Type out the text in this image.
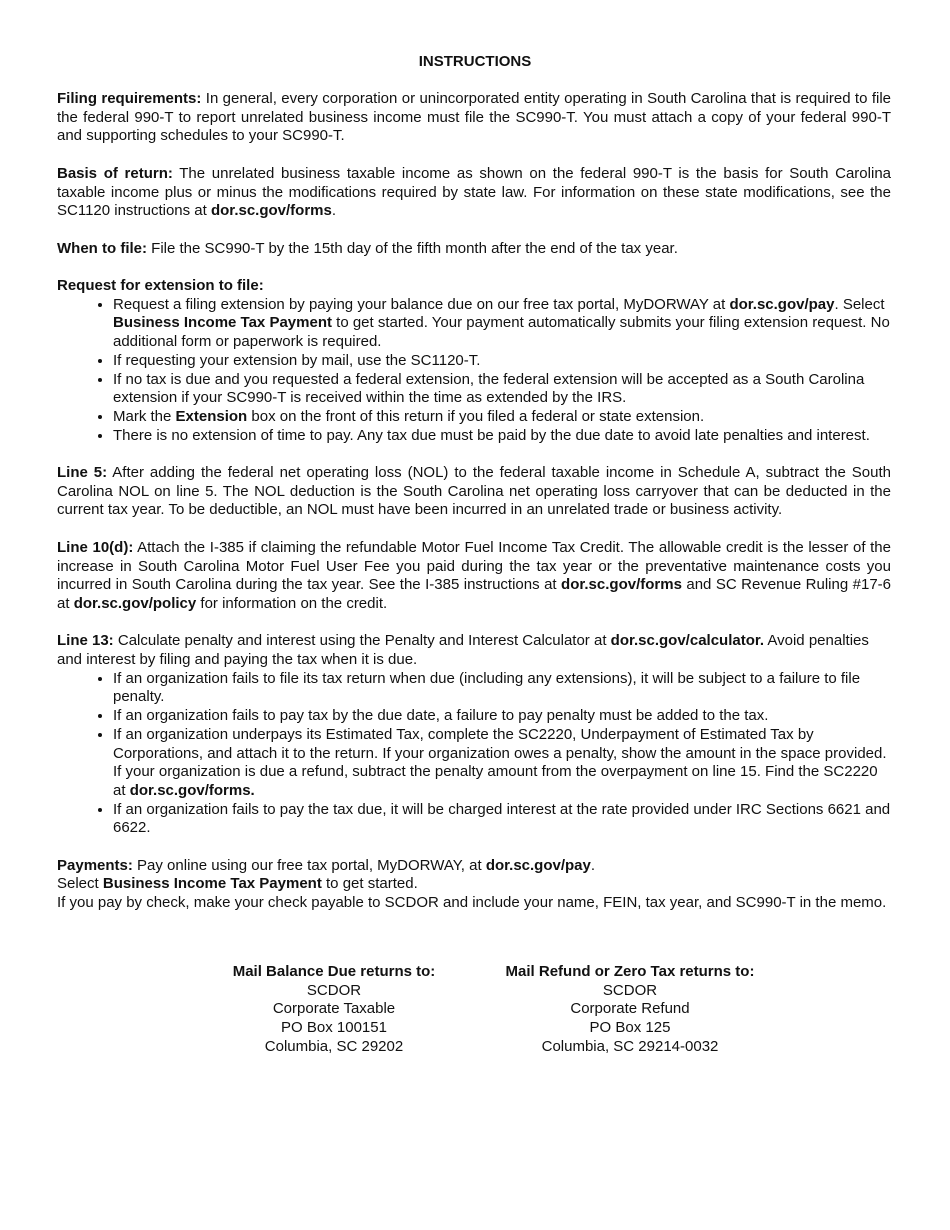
INSTRUCTIONS

Filing requirements: In general, every corporation or unincorporated entity operating in South Carolina that is required to file the federal 990-T to report unrelated business income must file the SC990-T. You must attach a copy of your federal 990-T and supporting schedules to your SC990-T.

Basis of return: The unrelated business taxable income as shown on the federal 990-T is the basis for South Carolina taxable income plus or minus the modifications required by state law. For information on these state modifications, see the SC1120 instructions at dor.sc.gov/forms.

When to file: File the SC990-T by the 15th day of the fifth month after the end of the tax year.

Request for extension to file:

• Request a filing extension by paying your balance due on our free tax portal, MyDORWAY at dor.sc.gov/pay. Select Business Income Tax Payment to get started. Your payment automatically submits your filing extension request. No additional form or paperwork is required.
• If requesting your extension by mail, use the SC1120-T.
• If no tax is due and you requested a federal extension, the federal extension will be accepted as a South Carolina extension if your SC990-T is received within the time as extended by the IRS.
• Mark the Extension box on the front of this return if you filed a federal or state extension.
• There is no extension of time to pay. Any tax due must be paid by the due date to avoid late penalties and interest.

Line 5: After adding the federal net operating loss (NOL) to the federal taxable income in Schedule A, subtract the South Carolina NOL on line 5. The NOL deduction is the South Carolina net operating loss carryover that can be deducted in the current tax year. To be deductible, an NOL must have been incurred in an unrelated trade or business activity.

Line 10(d): Attach the I-385 if claiming the refundable Motor Fuel Income Tax Credit. The allowable credit is the lesser of the increase in South Carolina Motor Fuel User Fee you paid during the tax year or the preventative maintenance costs you incurred in South Carolina during the tax year. See the I-385 instructions at dor.sc.gov/forms and SC Revenue Ruling #17-6 at dor.sc.gov/policy for information on the credit.

Line 13: Calculate penalty and interest using the Penalty and Interest Calculator at dor.sc.gov/calculator. Avoid penalties and interest by filing and paying the tax when it is due.

• If an organization fails to file its tax return when due (including any extensions), it will be subject to a failure to file penalty.
• If an organization fails to pay tax by the due date, a failure to pay penalty must be added to the tax.
• If an organization underpays its Estimated Tax, complete the SC2220, Underpayment of Estimated Tax by Corporations, and attach it to the return. If your organization owes a penalty, show the amount in the space provided. If your organization is due a refund, subtract the penalty amount from the overpayment on line 15. Find the SC2220 at dor.sc.gov/forms.
• If an organization fails to pay the tax due, it will be charged interest at the rate provided under IRC Sections 6621 and 6622.

Payments: Pay online using our free tax portal, MyDORWAY, at dor.sc.gov/pay.

Select Business Income Tax Payment to get started.

If you pay by check, make your check payable to SCDOR and include your name, FEIN, tax year, and SC990-T in the memo.

Mail Balance Due returns to:
SCDOR
Corporate Taxable
PO Box 100151
Columbia, SC 29202
Mail Refund or Zero Tax returns to:
SCDOR
Corporate Refund
PO Box 125
Columbia, SC 29214-0032
